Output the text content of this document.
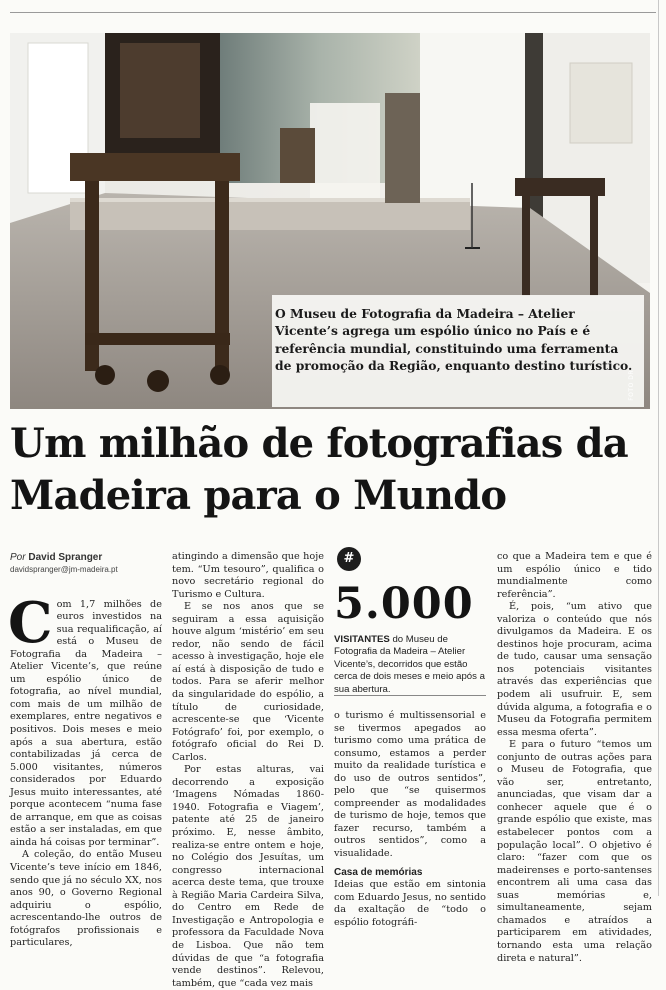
O Museu de Fotografia da Madeira – Atelier Vicente’s agrega um espólio único no País e é referência mundial, constituindo uma ferramenta de promoção da Região, enquanto destino turístico.
FOTO DR
Um milhão de fotografias da Madeira para o Mundo
Por David Spranger
davidspranger@jm-madeira.pt

Com 1,7 milhões de euros investidos na sua requalificação, aí está o Museu de Fotografia da Madeira – Atelier Vicente’s, que reúne um espólio único de fotografia, ao nível mundial, com mais de um milhão de exemplares, entre negativos e positivos. Dois meses e meio após a sua abertura, estão contabilizadas já cerca de 5.000 visitantes, números considerados por Eduardo Jesus muito interessantes, até porque acontecem “numa fase de arranque, em que as coisas estão a ser instaladas, em que ainda há coisas por terminar”.

A coleção, do então Museu Vicente’s teve início em 1846, sendo que já no século XX, nos anos 90, o Governo Regional adquiriu o espólio, acrescentando-lhe outros de fotógrafos profissionais e particulares,

atingindo a dimensão que hoje tem. “Um tesouro”, qualifica o novo secretário regional do Turismo e Cultura.

E se nos anos que se seguiram a essa aquisição houve algum ‘mistério’ em seu redor, não sendo de fácil acesso à investigação, hoje ele aí está à disposição de tudo e todos. Para se aferir melhor da singularidade do espólio, a título de curiosidade, acrescente-se que ‘Vicente Fotógrafo’ foi, por exemplo, o fotógrafo oficial do Rei D. Carlos.

Por estas alturas, vai decorrendo a exposição ‘Imagens Nómadas 1860-1940. Fotografia e Viagem’, patente até 25 de janeiro próximo. E, nesse âmbito, realiza-se entre ontem e hoje, no Colégio dos Jesuítas, um congresso internacional acerca deste tema, que trouxe à Região Maria Cardeira Silva, do Centro em Rede de Investigação e Antropologia e professora da Faculdade Nova de Lisboa. Que não tem dúvidas de que “a fotografia vende destinos”. Relevou, também, que “cada vez mais

#
5.000
VISITANTES do Museu de Fotografia da Madeira – Atelier Vicente’s, decorridos que estão cerca de dois meses e meio após a sua abertura.

o turismo é multissensorial e se tivermos apegados ao turismo como uma prática de consumo, estamos a perder muito da realidade turística e do uso de outros sentidos”, pelo que “se quisermos compreender as modalidades de turismo de hoje, temos que fazer recurso, também a outros sentidos”, como a visualidade.

Casa de memórias

Ideias que estão em sintonia com Eduardo Jesus, no sentido da exaltação de “todo o espólio fotográfi-

co que a Madeira tem e que é um espólio único e tido mundialmente como referência”.

É, pois, “um ativo que valoriza o conteúdo que nós divulgamos da Madeira. E os destinos hoje procuram, acima de tudo, causar uma sensação nos potenciais visitantes através das experiências que podem ali usufruir. E, sem dúvida alguma, a fotografia e o Museu da Fotografia permitem essa mesma oferta”.

E para o futuro “temos um conjunto de outras ações para o Museu de Fotografia, que vão ser, entretanto, anunciadas, que visam dar a conhecer aquele que é o grande espólio que existe, mas estabelecer pontos com a população local”. O objetivo é claro: “fazer com que os madeirenses e porto-santenses encontrem ali uma casa das suas memórias e, simultaneamente, sejam chamados e atraídos a participarem em atividades, tornando esta uma relação direta e natural”.
